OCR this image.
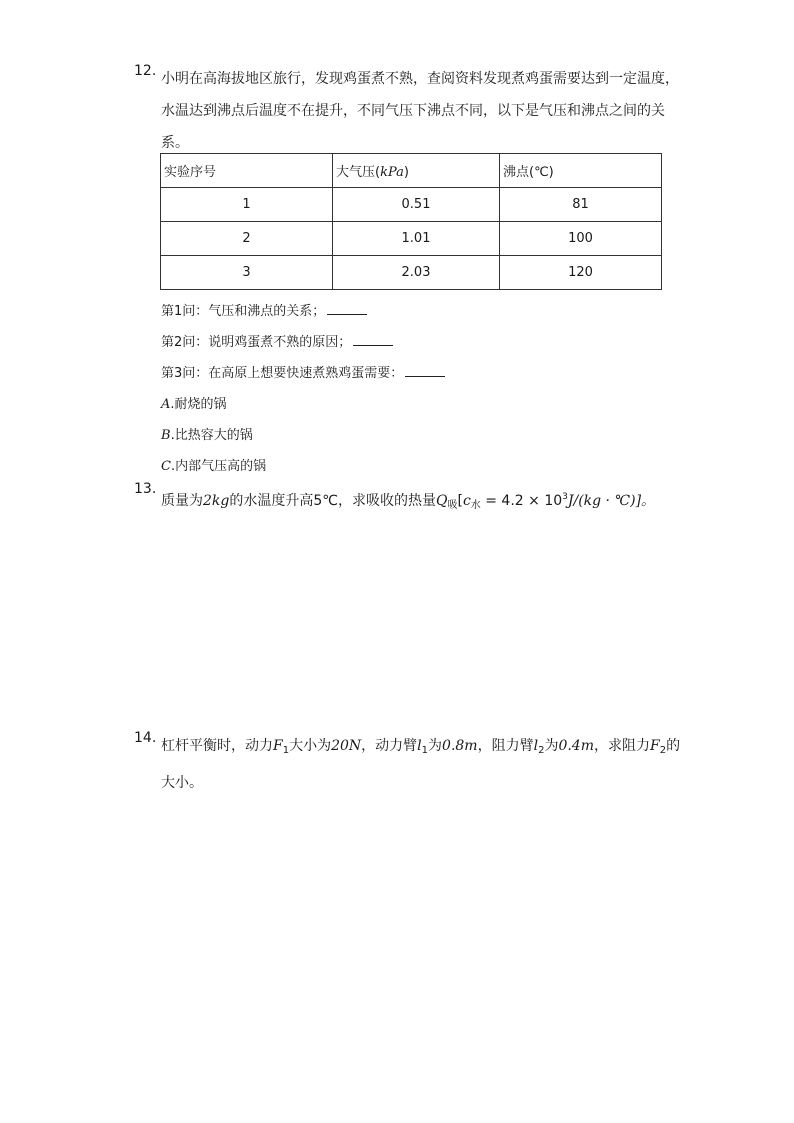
12. 小明在高海拔地区旅行，发现鸡蛋煮不熟，查阅资料发现煮鸡蛋需要达到一定温度，
水温达到沸点后温度不在提升，不同气压下沸点不同，以下是气压和沸点之间的关
系。
实验序号	大气压(kPa)	沸点(℃)
1	0.51	81
2	1.01	100
3	2.03	120
第1问：气压和沸点的关系；
第2问：说明鸡蛋煮不熟的原因；
第3问：在高原上想要快速煮熟鸡蛋需要：
A.耐烧的锅
B.比热容大的锅
C.内部气压高的锅
13.
质量为2kg的水温度升高5℃，求吸收的热量$Q_吸[c_水 = 4.2 \times 10^3J/(kg$ · ℃)]。
14. 杠杆平衡时，动力$F_1$大小为20N，动力臂$l_1$为0.8m，阻力臂$l_2$为0.4m，求阻力$F_2$的
大小。
